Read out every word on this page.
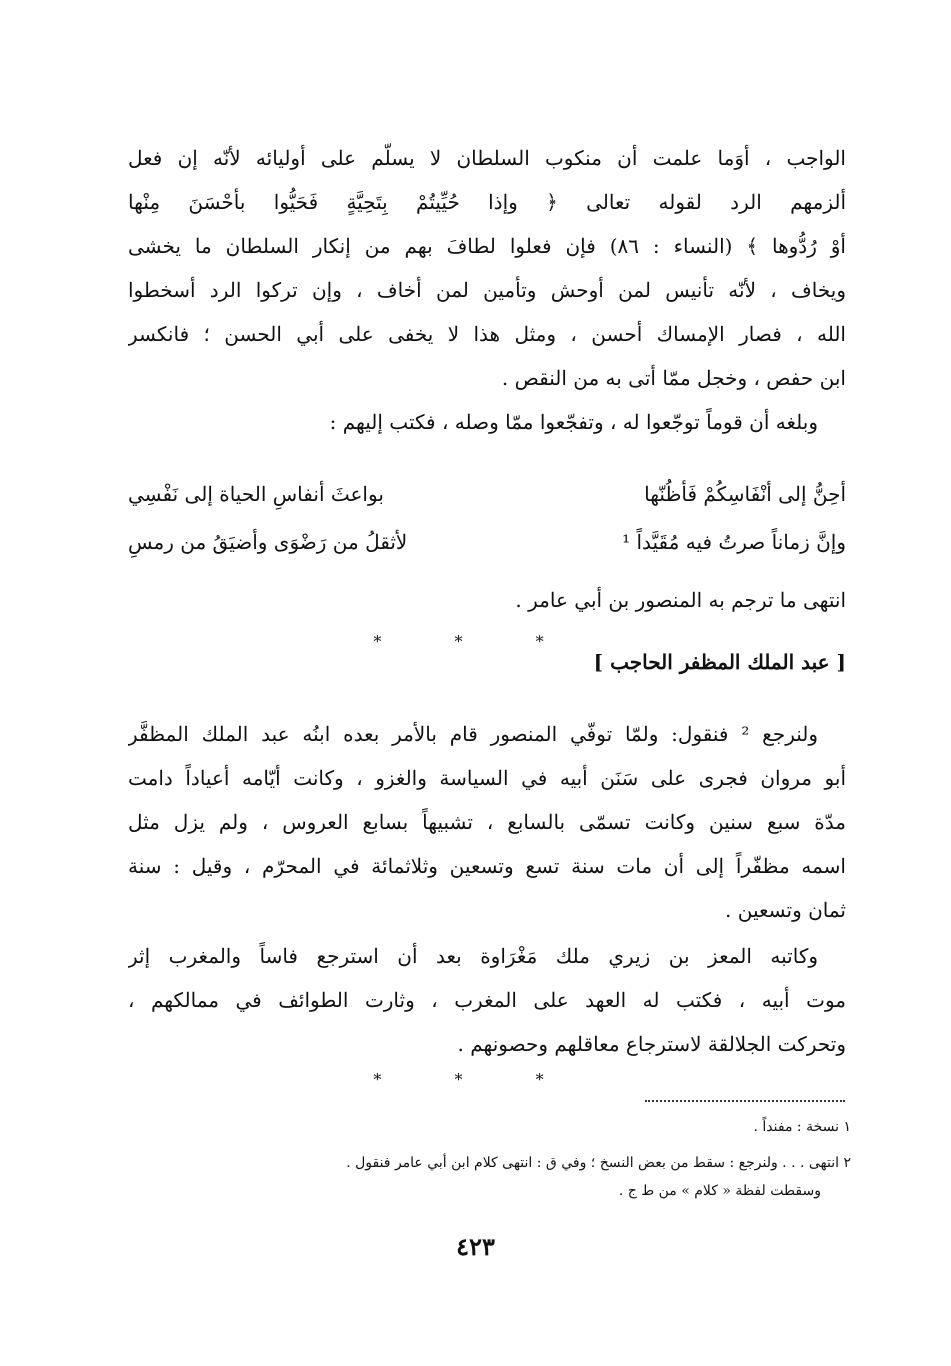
الواجب ، أوَما علمت أن منكوب السلطان لا يسلّم على أوليائه لأنّه إن فعل
ألزمهم الرد لقوله تعالى ﴿ وإذا حُيِّيتُمْ بِتَحِيَّةٍ فَحَيُّوا بأحْسَنَ مِنْها
أوْ رُدُّوها ﴾ (النساء : ٨٦) فإن فعلوا لطافَ بهم من إنكار السلطان ما يخشى
ويخاف ، لأنّه تأنيس لمن أوحش وتأمين لمن أخاف ، وإن تركوا الرد أسخطوا
الله ، فصار الإمساك أحسن ، ومثل هذا لا يخفى على أبي الحسن ؛ فانكسر
ابن حفص ، وخجل ممّا أتى به من النقص .
وبلغه أن قوماً توجّعوا له ، وتفجّعوا ممّا وصله ، فكتب إليهم :
أحِنُّ إلى أنْفَاسِكُمْ فَأظُنّها
بواعثَ أنفاسِ الحياة إلى نَفْسِي
وإنَّ زماناً صرتُ فيه مُقَيَّداً ¹
لأثقلُ من رَضْوَى وأضيَقُ من رمسِ
انتهى ما ترجم به المنصور بن أبي عامر .
* * *
[ عبد الملك المظفر الحاجب ]
ولنرجع ² فنقول: ولمّا توفّي المنصور قام بالأمر بعده ابنُه عبد الملك المظفَّر
أبو مروان فجرى على سَنَن أبيه في السياسة والغزو ، وكانت أيّامه أعياداً دامت
مدّة سبع سنين وكانت تسمّى بالسابع ، تشبيهاً بسابع العروس ، ولم يزل مثل
اسمه مظفّراً إلى أن مات سنة تسع وتسعين وثلاثمائة في المحرّم ، وقيل : سنة
ثمان وتسعين .
وكاتبه المعز بن زيري ملك مَغْرَاوة بعد أن استرجع فاساً والمغرب إثر
موت أبيه ، فكتب له العهد على المغرب ، وثارت الطوائف في ممالكهم ،
وتحركت الجلالقة لاسترجاع معاقلهم وحصونهم .
* * *
١ نسخة : مفنداً .
٢ انتهى . . . ولنرجع : سقط من بعض النسخ ؛ وفي ق : انتهى كلام ابن أبي عامر فنقول .
وسقطت لفظة « كلام » من ط ج .
٤٢٣
